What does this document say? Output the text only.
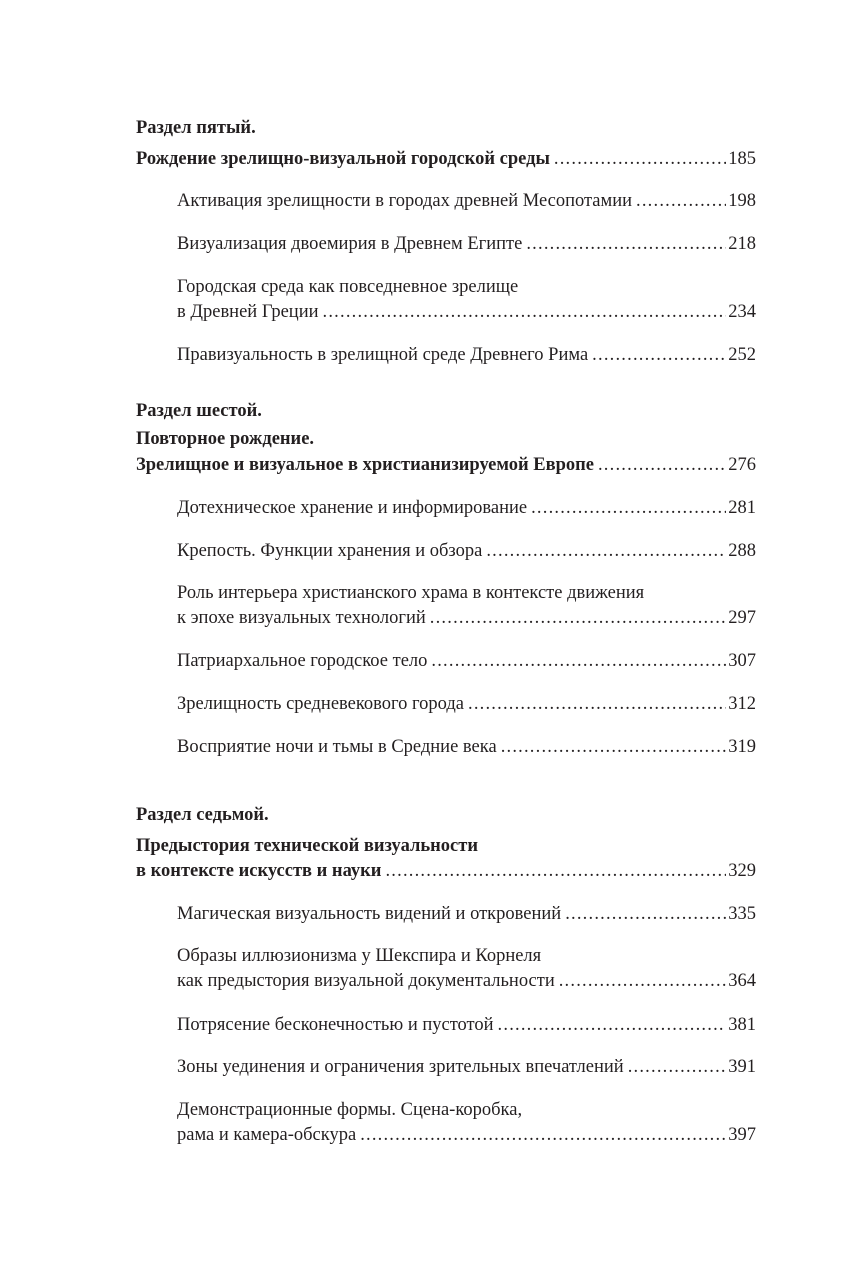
Раздел пятый.
Рождение зрелищно-визуальной городской среды .....	185
Активация зрелищности в городах древней Месопотамии .....	198
Визуализация двоемирия в Древнем Египте .....	218
Городская среда как повседневное зрелище
в Древней Греции .....	234
Правизуальность в зрелищной среде Древнего Рима .....	252
Раздел шестой.
Повторное рождение.
Зрелищное и визуальное в христианизируемой Европе .....	276
Дотехническое хранение и информирование .....	281
Крепость. Функции хранения и обзора .....	288
Роль интерьера христианского храма в контексте движения
к эпохе визуальных технологий .....	297
Патриархальное городское тело .....	307
Зрелищность средневекового города .....	312
Восприятие ночи и тьмы в Средние века .....	319
Раздел седьмой.
Предыстория технической визуальности
в контексте искусств и науки .....	329
Магическая визуальность видений и откровений .....	335
Образы иллюзионизма у Шекспира и Корнеля
как предыстория визуальной документальности .....	364
Потрясение бесконечностью и пустотой .....	381
Зоны уединения и ограничения зрительных впечатлений .....	391
Демонстрационные формы. Сцена-коробка,
рама и камера-обскура .....	397
